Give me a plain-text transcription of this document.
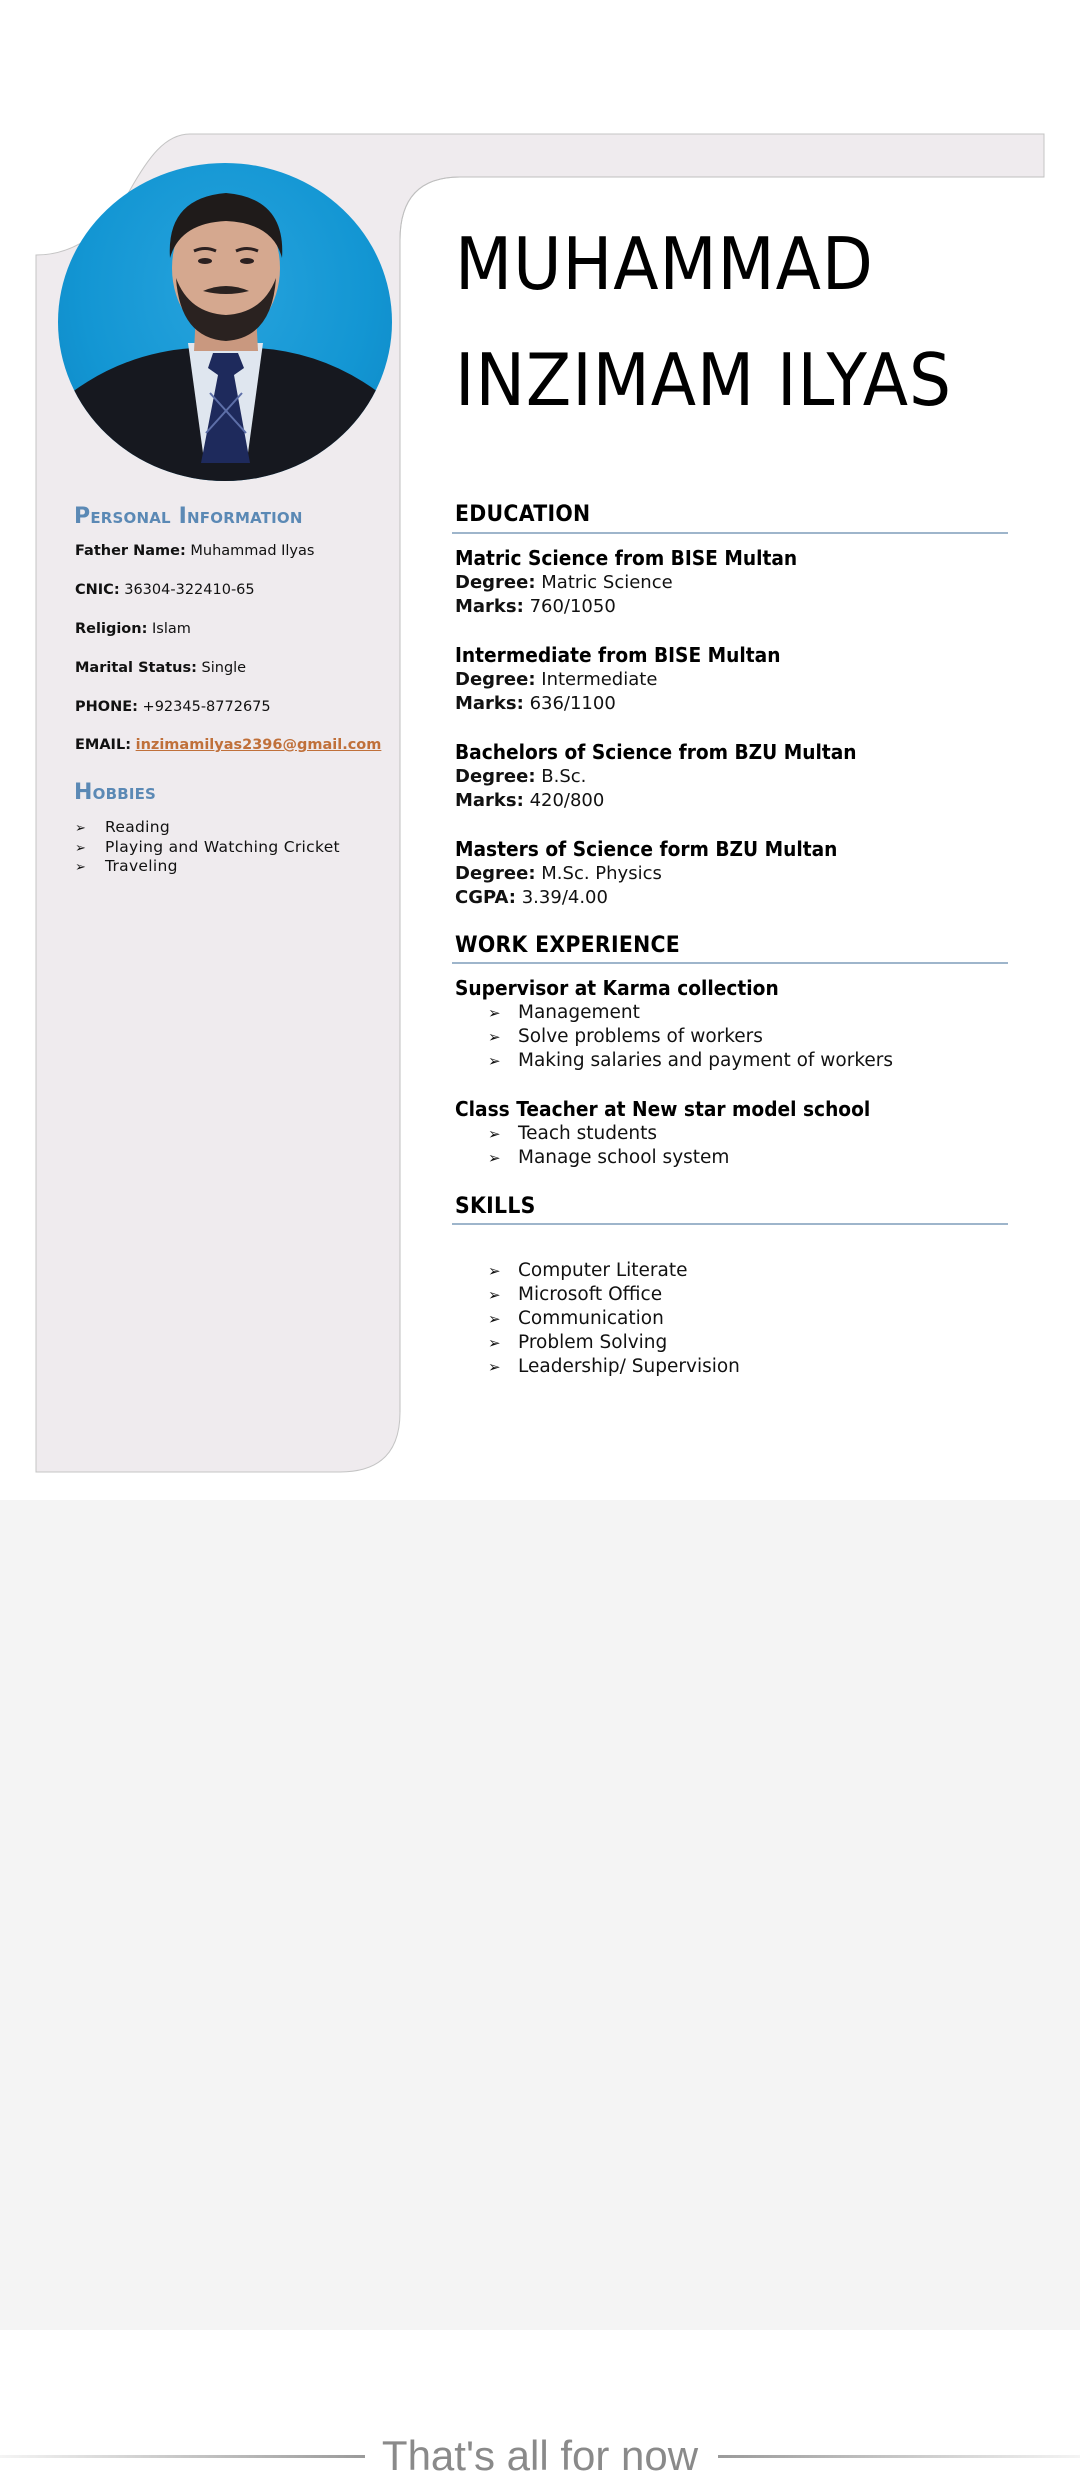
Personal Information
Father Name: Muhammad Ilyas
CNIC: 36304-322410-65
Religion: Islam
Marital Status: Single
PHONE: +92345-8772675
EMAIL: inzimamilyas2396@gmail.com
Hobbies
➢ Reading
➢ Playing and Watching Cricket
➢ Traveling
MUHAMMAD
INZIMAM ILYAS
EDUCATION
Matric Science from BISE Multan
Degree: Matric Science
Marks: 760/1050
Intermediate from BISE Multan
Degree: Intermediate
Marks: 636/1100
Bachelors of Science from BZU Multan
Degree: B.Sc.
Marks: 420/800
Masters of Science form BZU Multan
Degree: M.Sc. Physics
CGPA: 3.39/4.00
WORK EXPERIENCE
Supervisor at Karma collection
➢ Management
➢ Solve problems of workers
➢ Making salaries and payment of workers
Class Teacher at New star model school
➢ Teach students
➢ Manage school system
SKILLS
➢ Computer Literate
➢ Microsoft Office
➢ Communication
➢ Problem Solving
➢ Leadership/ Supervision
That's all for now
